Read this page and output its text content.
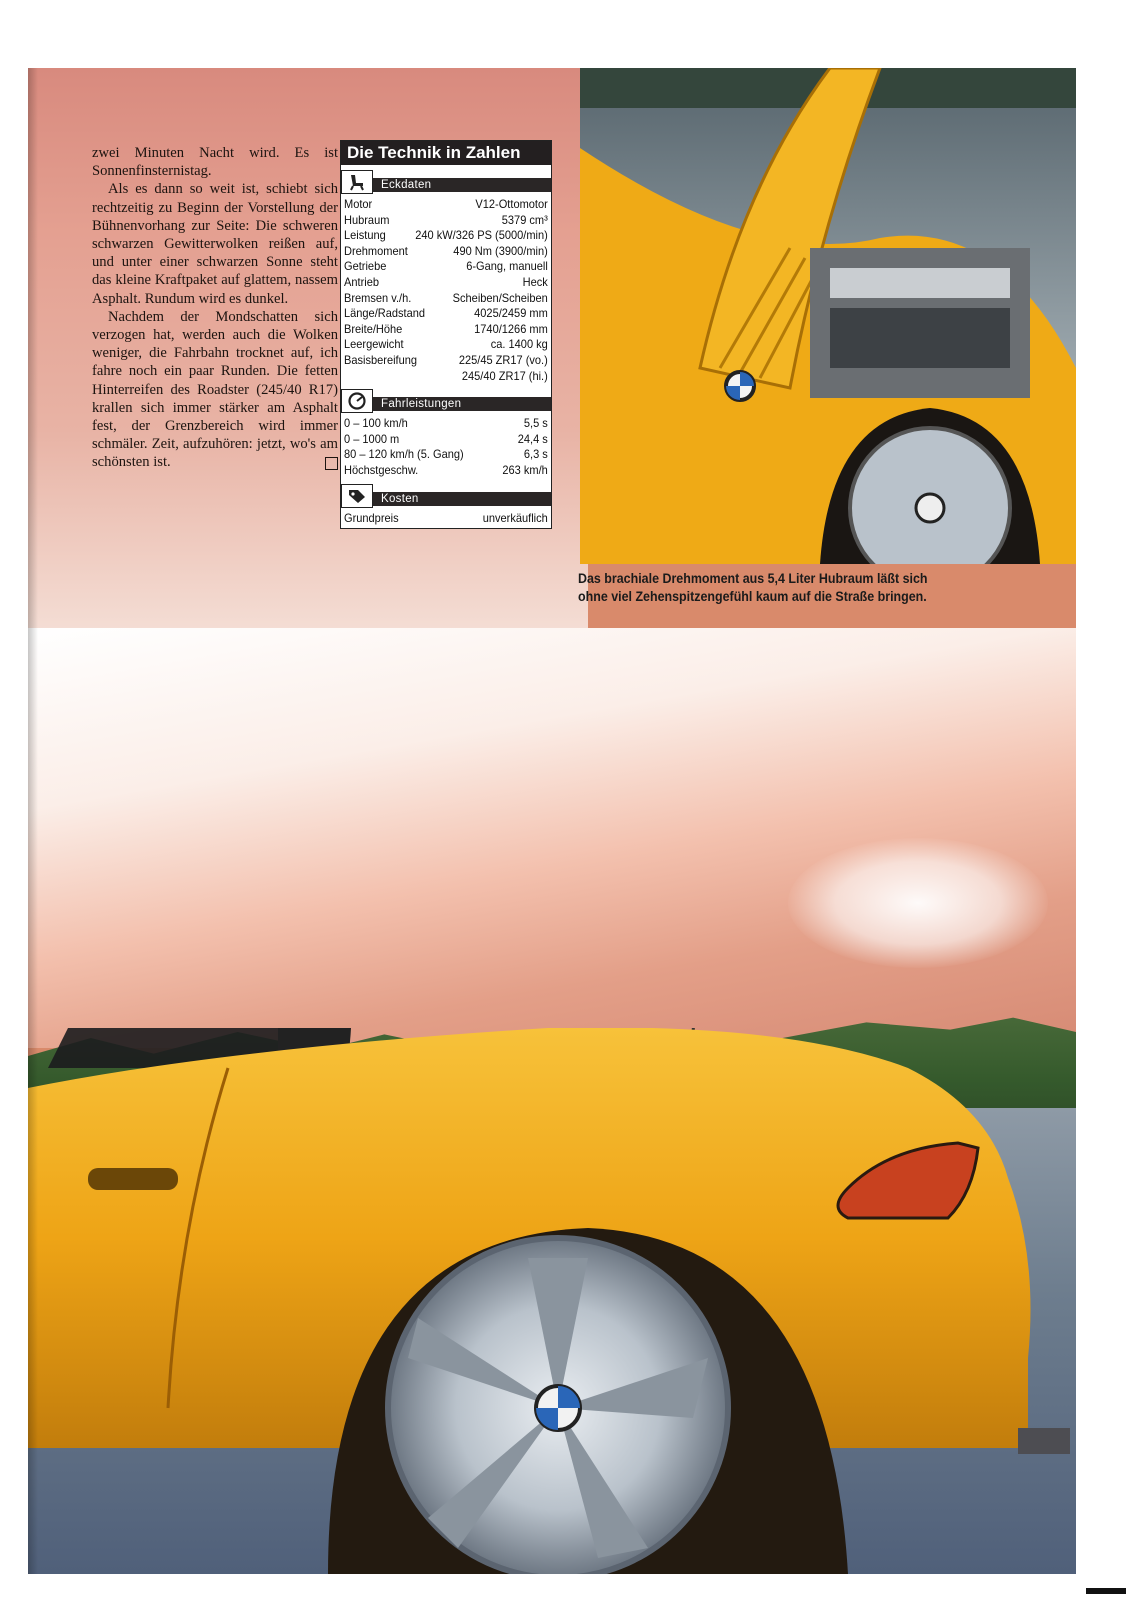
zwei Minuten Nacht wird. Es ist Sonnenfinsternistag.

Als es dann so weit ist, schiebt sich rechtzeitig zu Beginn der Vorstellung der Bühnenvorhang zur Seite: Die schweren schwarzen Gewitterwolken reißen auf, und unter einer schwarzen Sonne steht das kleine Kraftpaket auf glattem, nassem Asphalt. Rundum wird es dunkel.

Nachdem der Mondschatten sich verzogen hat, werden auch die Wolken weniger, die Fahrbahn trocknet auf, ich fahre noch ein paar Runden. Die fetten Hinterreifen des Roadster (245/40 R17) krallen sich immer stärker am Asphalt fest, der Grenzbereich wird immer schmäler. Zeit, aufzuhören: jetzt, wo's am schönsten ist.

Die Technik in Zahlen
Eckdaten
Motor	V12-Ottomotor
Hubraum	5379 cm³
Leistung 240 kW/326 PS (5000/min)
Drehmoment	490 Nm (3900/min)
Getriebe	6-Gang, manuell
Antrieb	Heck
Bremsen v./h.	Scheiben/Scheiben
Länge/Radstand	4025/2459 mm
Breite/Höhe	1740/1266 mm
Leergewicht	ca. 1400 kg
Basisbereifung	225/45 ZR17 (vo.)
245/40 ZR17 (hi.)
Fahrleistungen
0 – 100 km/h	5,5 s
0 – 1000 m	24,4 s
80 – 120 km/h (5. Gang)	6,3 s
Höchstgeschw.	263 km/h
Kosten
Grundpreis	unverkäuflich
Das brachiale Drehmoment aus 5,4 Liter Hubraum läßt sich
ohne viel Zehenspitzengefühl kaum auf die Straße bringen.
